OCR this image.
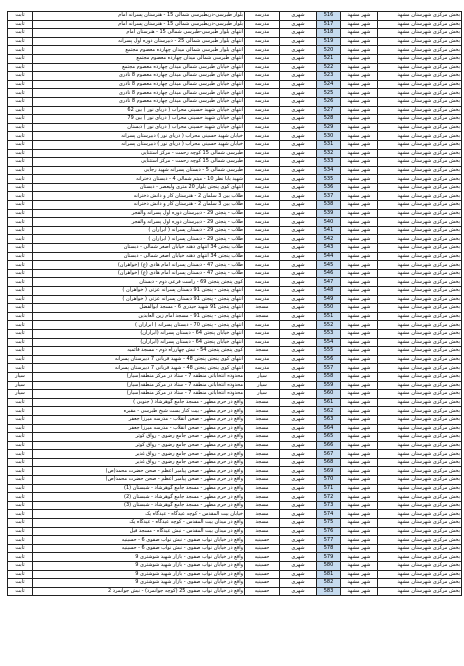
بخش مرکزی شهرستان مشهد	شهر مشهد	516	شهری	مدرسه	بلوار طبرسی-دربطبرسی شمالی 15 - هنرستان پسرانه امام	ثابت
بخش مرکزی شهرستان مشهد	شهر مشهد	517	شهری	مدرسه	بلوار طبرسی-دربطبرسی شمالی 15 - هنرستان پسرانه امام	ثابت
بخش مرکزی شهرستان مشهد	شهر مشهد	518	شهری	مدرسه	انتهای بلوار طبرسی-طبرسی شمالی 15 - هنرستان امام	ثابت
بخش مرکزی شهرستان مشهد	شهر مشهد	519	شهری	مدرسه	انتهای بلوار طبرسی شمالی 25 - دبیرستان دوره اول پسرانه	ثابت
بخش مرکزی شهرستان مشهد	شهر مشهد	520	شهری	مدرسه	انتهای بلوار طبرسی شمالی میدان چهارده معصوم مجتمع	ثابت
بخش مرکزی شهرستان مشهد	شهر مشهد	521	شهری	مدرسه	انتهای طبرسی شمالی میدان چهارده معصوم مجتمع	ثابت
بخش مرکزی شهرستان مشهد	شهر مشهد	522	شهری	مدرسه	انتهای خیابان طبرسی شمالی میدان چهارده معصوم مجتمع	ثابت
بخش مرکزی شهرستان مشهد	شهر مشهد	523	شهری	مدرسه	انتهای خیابان طبرسی شمالی میدان چهارده معصوم 8 نادری	ثابت
بخش مرکزی شهرستان مشهد	شهر مشهد	524	شهری	مدرسه	انتهای خیابان طبرسی شمالی میدان چهارده معصوم 8 نادری	ثابت
بخش مرکزی شهرستان مشهد	شهر مشهد	525	شهری	مدرسه	انتهای خیابان طبرسی شمالی میدان چهارده معصوم 8 نادری	ثابت
بخش مرکزی شهرستان مشهد	شهر مشهد	526	شهری	مدرسه	انتهای خیابان طبرسی شمالی میدان چهارده معصوم 8 نادری	ثابت
بخش مرکزی شهرستان مشهد	شهر مشهد	527	شهری	مدرسه	انتهای خیابان شهید حسینی محراب ( دریای نور ) بین 62	ثابت
بخش مرکزی شهرستان مشهد	شهر مشهد	528	شهری	مدرسه	انتهای خیابان شهید حسینی محراب ( دریای نور ) بین 79	ثابت
بخش مرکزی شهرستان مشهد	شهر مشهد	529	شهری	مدرسه	انتهای خیابان شهید حسینی محراب ( دریای نور ) دبستان	ثابت
بخش مرکزی شهرستان مشهد	شهر مشهد	530	شهری	مدرسه	خیابان شهید حسینی محراب ( دریای نور ) دبیرستان پسرانه	ثابت
بخش مرکزی شهرستان مشهد	شهر مشهد	531	شهری	مدرسه	خیابان شهید حسینی محراب ( دریای نور ) دبیرستان پسرانه	ثابت
بخش مرکزی شهرستان مشهد	شهر مشهد	532	شهری	مدرسه	طبرسی شمالی 15 کوچه رحمت - مرکز استثنایی	ثابت
بخش مرکزی شهرستان مشهد	شهر مشهد	533	شهری	مدرسه	طبرسی شمالی 15 کوچه رحمت - مرکز استثنایی	ثابت
بخش مرکزی شهرستان مشهد	شهر مشهد	534	شهری	مدرسه	طبرسی شمالی 5 - دبستان پسرانه شهید رجایی	ثابت
بخش مرکزی شهرستان مشهد	شهر مشهد	535	شهری	مدرسه	شهید بابا نظر 10 - میثم شمالی 4 - دبستان دخترانه	ثابت
بخش مرکزی شهرستان مشهد	شهر مشهد	536	شهری	مدرسه	انتهای کوی پنجتن بلوار 20 متری ولیعصر - دبستان	ثابت
بخش مرکزی شهرستان مشهد	شهر مشهد	537	شهری	مدرسه	طلاب بین 3 سلمان 2 - هنرستان کار و دانش دخترانه	ثابت
بخش مرکزی شهرستان مشهد	شهر مشهد	538	شهری	مدرسه	طلاب بین 3 سلمان 2 - هنرستان کار و دانش دخترانه	ثابت
بخش مرکزی شهرستان مشهد	شهر مشهد	539	شهری	مدرسه	طلاب - پنجتن 29 - دبیرستان دوره اول پسرانه والفجر	ثابت
بخش مرکزی شهرستان مشهد	شهر مشهد	540	شهری	مدرسه	طلاب - پنجتن 29 - دبیرستان دوره اول پسرانه والفجر	ثابت
بخش مرکزی شهرستان مشهد	شهر مشهد	541	شهری	مدرسه	طلاب - پنجتن 29 - دبستان پسرانه ( ابراران )	ثابت
بخش مرکزی شهرستان مشهد	شهر مشهد	542	شهری	مدرسه	طلاب - پنجتن 29 - دبستان پسرانه ( ابراران )	ثابت
بخش مرکزی شهرستان مشهد	شهر مشهد	543	شهری	مدرسه	طلاب پنجتن 34 انتهای دهنه خیابان اصغر شمالی - دبستان	ثابت
بخش مرکزی شهرستان مشهد	شهر مشهد	544	شهری	مدرسه	طلاب پنجتن 34 انتهای دهنه خیابان اصغر شمالی - دبستان	ثابت
بخش مرکزی شهرستان مشهد	شهر مشهد	545	شهری	مدرسه	طلاب - پنجتن 47 - دبستان پسرانه امام هادی (ع) (خواهران)	ثابت
بخش مرکزی شهرستان مشهد	شهر مشهد	546	شهری	مدرسه	طلاب - پنجتن 47 - دبستان پسرانه امام هادی (ع) (خواهران)	ثابت
بخش مرکزی شهرستان مشهد	شهر مشهد	547	شهری	مدرسه	کوی پنجتن پنجتن 69 - راست فرعی دوم - دبستان	ثابت
بخش مرکزی شهرستان مشهد	شهر مشهد	548	شهری	مدرسه	انتهای پنجتن - پنجتن 91 دبستان پسرانه عزتی ( خواهران )	ثابت
بخش مرکزی شهرستان مشهد	شهر مشهد	549	شهری	مدرسه	انتهای پنجتن - پنجتن 91 دبستان پسرانه عزتی ( خواهران )	ثابت
بخش مرکزی شهرستان مشهد	شهر مشهد	550	شهری	مسجد	انتهای پنجتن 91 شهید حیدری 6 - مسجد ابوالفضل	ثابت
بخش مرکزی شهرستان مشهد	شهر مشهد	551	شهری	مسجد	انتهای پنجتن - پنجتن 91 - مسجد امام زین العابدین	ثابت
بخش مرکزی شهرستان مشهد	شهر مشهد	552	شهری	مدرسه	انتهای پنجتن - پنجتن 70 - دبستان پسرانه ( ابراران )	ثابت
بخش مرکزی شهرستان مشهد	شهر مشهد	553	شهری	مدرسه	انتهای خیابان پنجتن 64 - دبستان پسرانه (ابراران)	ثابت
بخش مرکزی شهرستان مشهد	شهر مشهد	554	شهری	مدرسه	انتهای خیابان پنجتن 64 - دبستان پسرانه (ابراران)	ثابت
بخش مرکزی شهرستان مشهد	شهر مشهد	555	شهری	مسجد	کوی پنجتن پنجتن 54 - نبش چهارراه دوم - مسجد قائمیه	ثابت
بخش مرکزی شهرستان مشهد	شهر مشهد	556	شهری	مدرسه	انتهای کوی پنجتن پنجتن 48 - شهید قربانی 7 دبیرستان پسرانه	ثابت
بخش مرکزی شهرستان مشهد	شهر مشهد	557	شهری	مدرسه	انتهای کوی پنجتن پنجتن 48 - شهید قربانی 7 دبیرستان پسرانه	ثابت
بخش مرکزی شهرستان مشهد	شهر مشهد	558	شهری	سیار	محدوده انتخاباتی منطقه 7 - ستاد در مرکز منطقه(سیار)	سیار
بخش مرکزی شهرستان مشهد	شهر مشهد	559	شهری	سیار	محدوده انتخاباتی منطقه 7 - ستاد در مرکز منطقه(سیار)	سیار
بخش مرکزی شهرستان مشهد	شهر مشهد	560	شهری	سیار	محدوده انتخاباتی منطقه 7 - ستاد در مرکز منطقه(سیار)	سیار
بخش مرکزی شهرستان مشهد	شهر مشهد	561	شهری	مسجد	واقع در حرم مطهر - مسجد جامع گوهرشاد ( جنوبی )	ثابت
بخش مرکزی شهرستان مشهد	شهر مشهد	562	شهری	مسجد	واقع در حرم مطهر - بیت کنار بست شیخ طبرسی - مقبره	ثابت
بخش مرکزی شهرستان مشهد	شهر مشهد	563	شهری	مسجد	واقع در حرم مطهر - صحن انقلاب - مدرسه میرزا جعفر	ثابت
بخش مرکزی شهرستان مشهد	شهر مشهد	564	شهری	مسجد	واقع در حرم مطهر - صحن انقلاب - مدرسه میرزا جعفر	ثابت
بخش مرکزی شهرستان مشهد	شهر مشهد	565	شهری	مسجد	واقع در حرم مطهر - صحن جامع رضوی - رواق کوثر	ثابت
بخش مرکزی شهرستان مشهد	شهر مشهد	566	شهری	مسجد	واقع در حرم مطهر - صحن جامع رضوی - رواق کوثر	ثابت
بخش مرکزی شهرستان مشهد	شهر مشهد	567	شهری	مسجد	واقع در حرم مطهر - صحن جامع رضوی - رواق غدیر	ثابت
بخش مرکزی شهرستان مشهد	شهر مشهد	568	شهری	مسجد	واقع در حرم مطهر - صحن جامع رضوی - رواق غدیر	ثابت
بخش مرکزی شهرستان مشهد	شهر مشهد	569	شهری	مسجد	واقع در حرم مطهر - صحن پیامبر اعظم - صحن حضرت محمد(ص)	ثابت
بخش مرکزی شهرستان مشهد	شهر مشهد	570	شهری	مسجد	واقع در حرم مطهر - صحن پیامبر اعظم - صحن حضرت محمد(ص)	ثابت
بخش مرکزی شهرستان مشهد	شهر مشهد	571	شهری	مسجد	واقع در حرم مطهر - مسجد جامع گوهرشاد - شبستان (1)	ثابت
بخش مرکزی شهرستان مشهد	شهر مشهد	572	شهری	مسجد	واقع در حرم مطهر - مسجد جامع گوهرشاد - شبستان (2)	ثابت
بخش مرکزی شهرستان مشهد	شهر مشهد	573	شهری	مسجد	واقع در حرم مطهر - مسجد جامع گوهرشاد - شبستان (3)	ثابت
بخش مرکزی شهرستان مشهد	شهر مشهد	574	شهری	مسجد	خیابان بیت المقدس - کوچه عیدگاه - عیدگاه یک	ثابت
بخش مرکزی شهرستان مشهد	شهر مشهد	575	شهری	مسجد	واقع در میدان بیت المقدس - کوچه عیدگاه - عیدگاه یک	ثابت
بخش مرکزی شهرستان مشهد	شهر مشهد	576	شهری	مسجد	واقع در میدان بیت المقدس - نبش عیدگاه - مسجد فیل	ثابت
بخش مرکزی شهرستان مشهد	شهر مشهد	577	شهری	حسینیه	واقع در خیابان نواب صفوی - نبش نواب صفوی 6 - حسینیه	ثابت
بخش مرکزی شهرستان مشهد	شهر مشهد	578	شهری	حسینیه	واقع در خیابان نواب صفوی - نبش نواب صفوی 6 - حسینیه	ثابت
بخش مرکزی شهرستان مشهد	شهر مشهد	579	شهری	حسینیه	واقع در خیابان نواب صفوی - بازار شهید شوشتری 9	ثابت
بخش مرکزی شهرستان مشهد	شهر مشهد	580	شهری	حسینیه	واقع در خیابان نواب صفوی - بازار شهید شوشتری 9	ثابت
بخش مرکزی شهرستان مشهد	شهر مشهد	581	شهری	حسینیه	واقع در خیابان نواب صفوی - بازار شهید شوشتری 9	ثابت
بخش مرکزی شهرستان مشهد	شهر مشهد	582	شهری	حسینیه	واقع در خیابان نواب صفوی - بازار شهید شوشتری 9	ثابت
بخش مرکزی شهرستان مشهد	شهر مشهد	583	شهری	حسینیه	واقع در خیابان نواب صفوی 25 (کوچه جوانمرد) - نبش جوانمرد 2	ثابت
